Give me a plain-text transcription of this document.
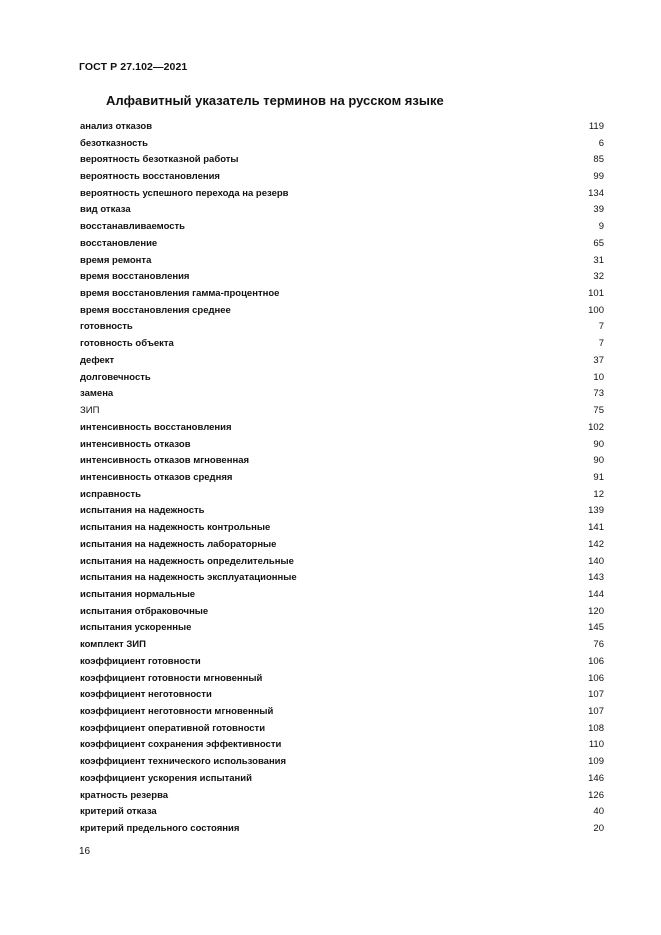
ГОСТ Р 27.102—2021
Алфавитный указатель терминов на русском языке
анализ отказов	119
безотказность	6
вероятность безотказной работы	85
вероятность восстановления	99
вероятность успешного перехода на резерв	134
вид отказа	39
восстанавливаемость	9
восстановление	65
время ремонта	31
время восстановления	32
время восстановления гамма-процентное	101
время восстановления среднее	100
готовность	7
готовность объекта	7
дефект	37
долговечность	10
замена	73
ЗИП	75
интенсивность восстановления	102
интенсивность отказов	90
интенсивность отказов мгновенная	90
интенсивность отказов средняя	91
исправность	12
испытания на надежность	139
испытания на надежность контрольные	141
испытания на надежность лабораторные	142
испытания на надежность определительные	140
испытания на надежность эксплуатационные	143
испытания нормальные	144
испытания отбраковочные	120
испытания ускоренные	145
комплект ЗИП	76
коэффициент готовности	106
коэффициент готовности мгновенный	106
коэффициент неготовности	107
коэффициент неготовности мгновенный	107
коэффициент оперативной готовности	108
коэффициент сохранения эффективности	110
коэффициент технического использования	109
коэффициент ускорения испытаний	146
кратность резерва	126
критерий отказа	40
критерий предельного состояния	20
16
